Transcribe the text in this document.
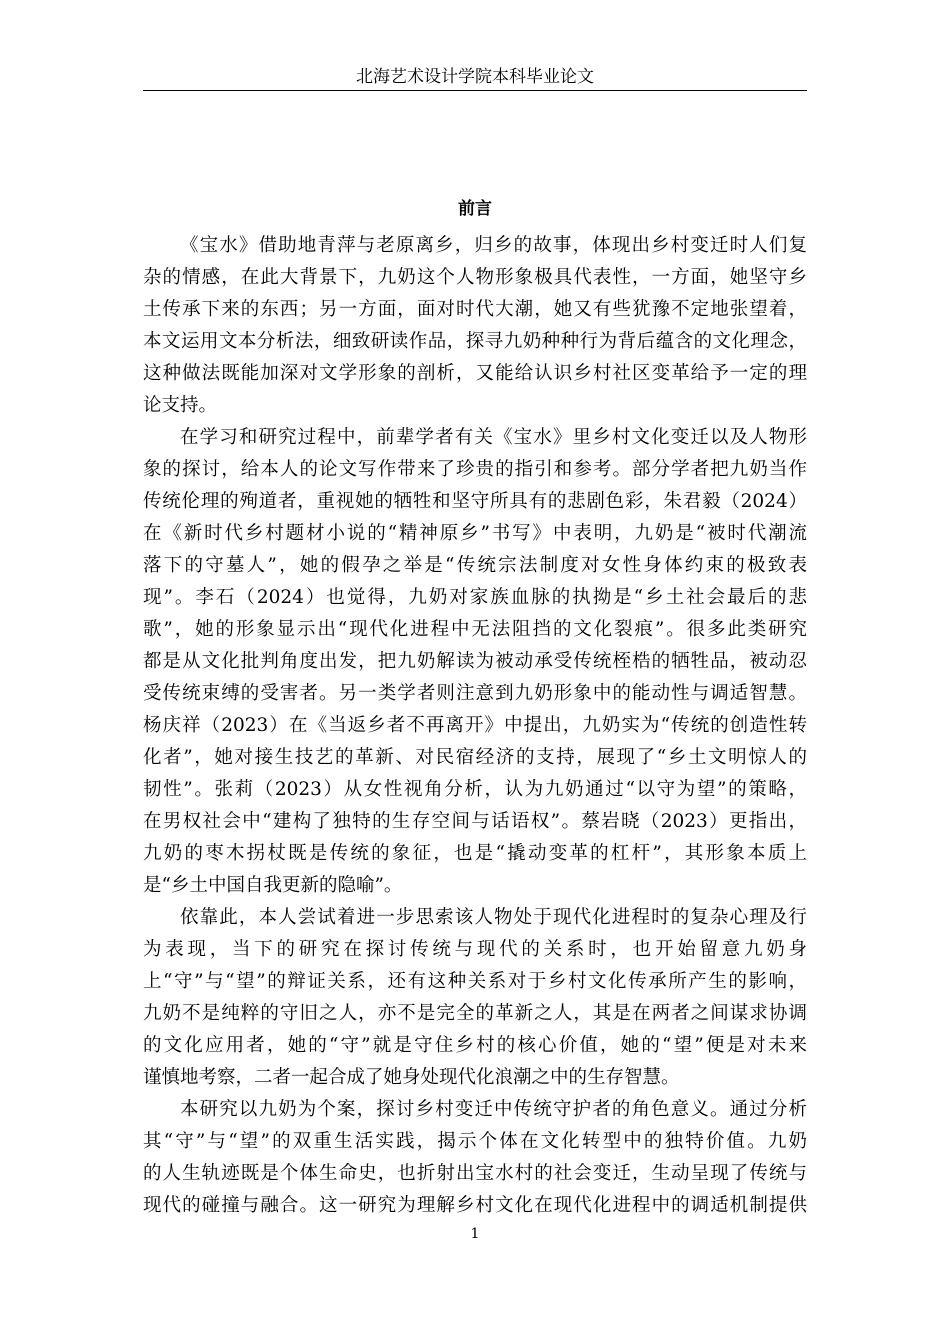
北海艺术设计学院本科毕业论文
前言
《宝水》借助地青萍与老原离乡，归乡的故事，体现出乡村变迁时人们复
杂的情感，在此大背景下，九奶这个人物形象极具代表性，一方面，她坚守乡
土传承下来的东西；另一方面，面对时代大潮，她又有些犹豫不定地张望着，
本文运用文本分析法，细致研读作品，探寻九奶种种行为背后蕴含的文化理念，
这种做法既能加深对文学形象的剖析，又能给认识乡村社区变革给予一定的理
论支持。
在学习和研究过程中，前辈学者有关《宝水》里乡村文化变迁以及人物形
象的探讨，给本人的论文写作带来了珍贵的指引和参考。部分学者把九奶当作
传统伦理的殉道者，重视她的牺牲和坚守所具有的悲剧色彩，朱君毅（2024）
在《新时代乡村题材小说的“精神原乡”书写》中表明，九奶是“被时代潮流
落下的守墓人”，她的假孕之举是“传统宗法制度对女性身体约束的极致表
现”。李石（2024）也觉得，九奶对家族血脉的执拗是“乡土社会最后的悲
歌”，她的形象显示出“现代化进程中无法阻挡的文化裂痕”。很多此类研究
都是从文化批判角度出发，把九奶解读为被动承受传统桎梏的牺牲品，被动忍
受传统束缚的受害者。另一类学者则注意到九奶形象中的能动性与调适智慧。
杨庆祥（2023）在《当返乡者不再离开》中提出，九奶实为“传统的创造性转
化者”，她对接生技艺的革新、对民宿经济的支持，展现了“乡土文明惊人的
韧性”。张莉（2023）从女性视角分析，认为九奶通过“以守为望”的策略，
在男权社会中“建构了独特的生存空间与话语权”。蔡岩晓（2023）更指出，
九奶的枣木拐杖既是传统的象征，也是“撬动变革的杠杆”，其形象本质上
是“乡土中国自我更新的隐喻”。
依靠此，本人尝试着进一步思索该人物处于现代化进程时的复杂心理及行
为表现，当下的研究在探讨传统与现代的关系时，也开始留意九奶身
上“守”与“望”的辩证关系，还有这种关系对于乡村文化传承所产生的影响，
九奶不是纯粹的守旧之人，亦不是完全的革新之人，其是在两者之间谋求协调
的文化应用者，她的“守”就是守住乡村的核心价值，她的“望”便是对未来
谨慎地考察，二者一起合成了她身处现代化浪潮之中的生存智慧。
本研究以九奶为个案，探讨乡村变迁中传统守护者的角色意义。通过分析
其“守”与“望”的双重生活实践，揭示个体在文化转型中的独特价值。九奶
的人生轨迹既是个体生命史，也折射出宝水村的社会变迁，生动呈现了传统与
现代的碰撞与融合。这一研究为理解乡村文化在现代化进程中的调适机制提供
1
